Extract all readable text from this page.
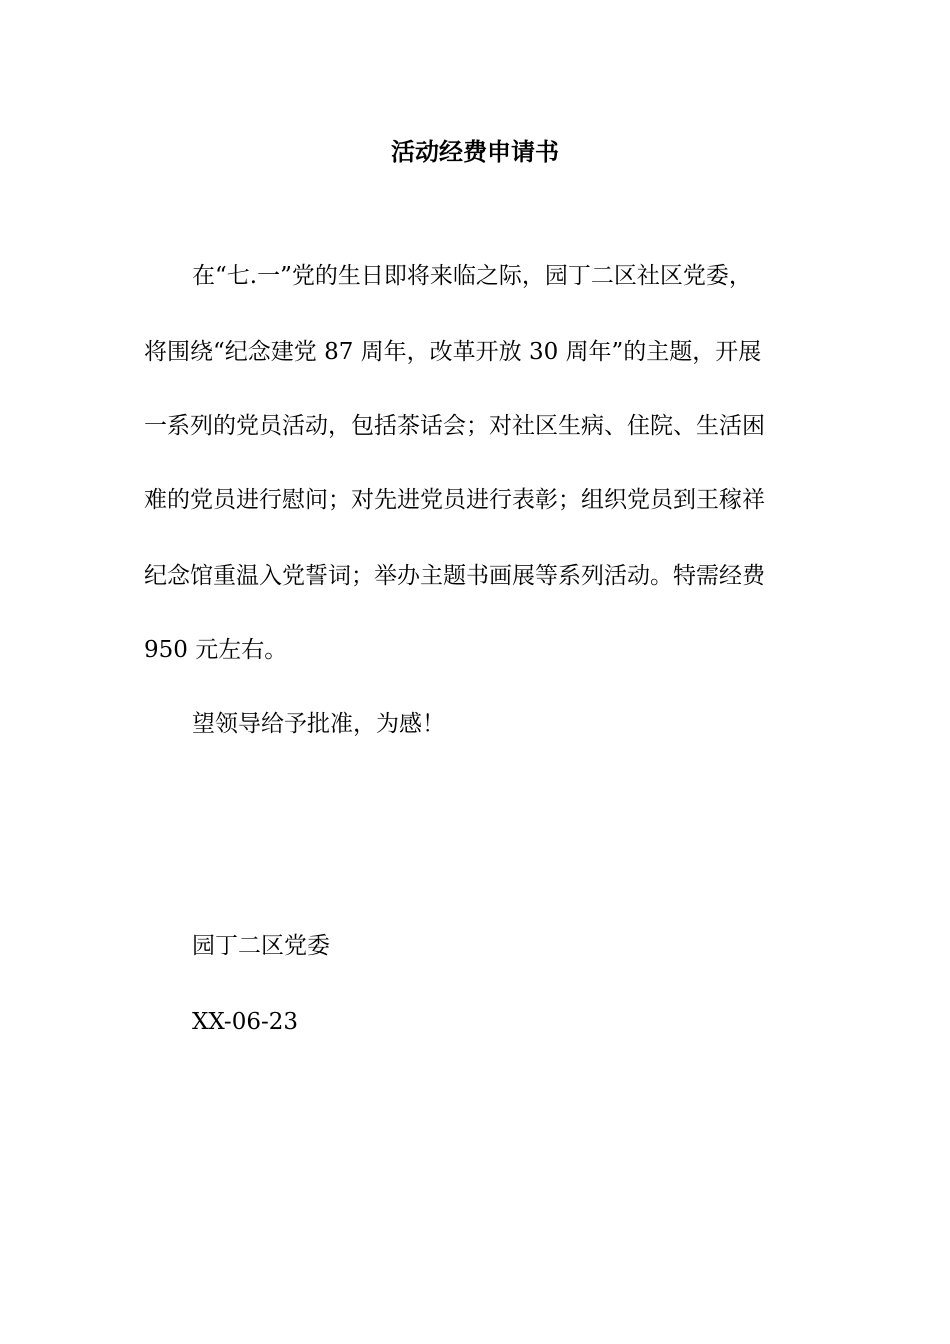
活动经费申请书
在“七.一”党的生日即将来临之际，园丁二区社区党委，
将围绕“纪念建党 87 周年，改革开放 30 周年”的主题，开展
一系列的党员活动，包括茶话会；对社区生病、住院、生活困
难的党员进行慰问；对先进党员进行表彰；组织党员到王稼祥
纪念馆重温入党誓词；举办主题书画展等系列活动。特需经费
950 元左右。
望领导给予批准，为感！
园丁二区党委
XX-06-23
